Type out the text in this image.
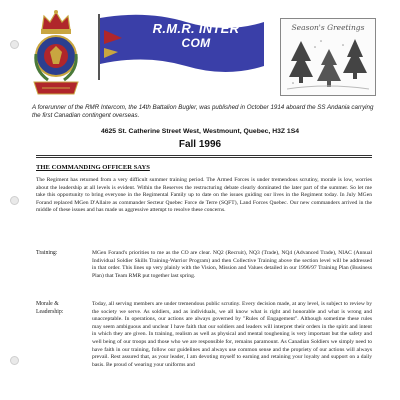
R.M.R. INTER

COM
Season's Greetings
A forerunner of the RMR Intercom, the 14th Battalion Bugler, was published in October 1914 aboard the SS Andania carrying the first Canadian contingent overseas.
4625 St. Catherine Street West, Westmount, Quebec, H3Z 1S4
Fall 1996
THE COMMANDING OFFICER SAYS
The Regiment has returned from a very difficult summer training period. The Armed Forces is under tremendous scrutiny, morale is low, worries about the leadership at all levels is evident. Within the Reserves the restructuring debate clearly dominated the later part of the summer. So let me take this opportunity to bring everyone in the Regimental Family up to date on the issues guiding our lives in the Regiment today. In July MGen Forand replaced MGen D'Allaire as commander Secteur Quebec Force de Terre (SQFT), Land Forces Quebec. Our new commanders arrived in the middle of these issues and has made us aggressive attempt to resolve these concerns.
Training:	MGen Forand's priorities to me as the CO are clear. NQ2 (Recruit), NQ3 (Trade), NQ4 (Advanced Trade), NIAC (Annual Individual Soldier Skills Training-Warrior Program) and then Collective Training above the section level will be addressed in that order. This lines up very plainly with the Vision, Mission and Values detailed in our 1996/97 Training Plan (Business Plan) that Team RMR put together last spring.
Morale & Leadership:
Today, all serving members are under tremendous public scrutiny. Every decision made, at any level, is subject to review by the society we serve. As soldiers, and as individuals, we all know what is right and honorable and what is wrong and unacceptable. In operations, our actions are always governed by "Rules of Engagement". Although sometime these rules may seem ambiguous and unclear I have faith that our soldiers and leaders will interpret their orders in the spirit and intent in which they are given. In training, realism as well as physical and mental toughening is very important but the safety and well being of our troops and those who we are responsible for, remains paramount. As Canadian Soldiers we simply need to have faith in our training, follow our guidelines and always use common sense and the propriety of our actions will always prevail. Rest assured that, as your leader, I am devoting myself to earning and retaining your loyalty and support on a daily basis. Be proud of wearing your uniforms and
